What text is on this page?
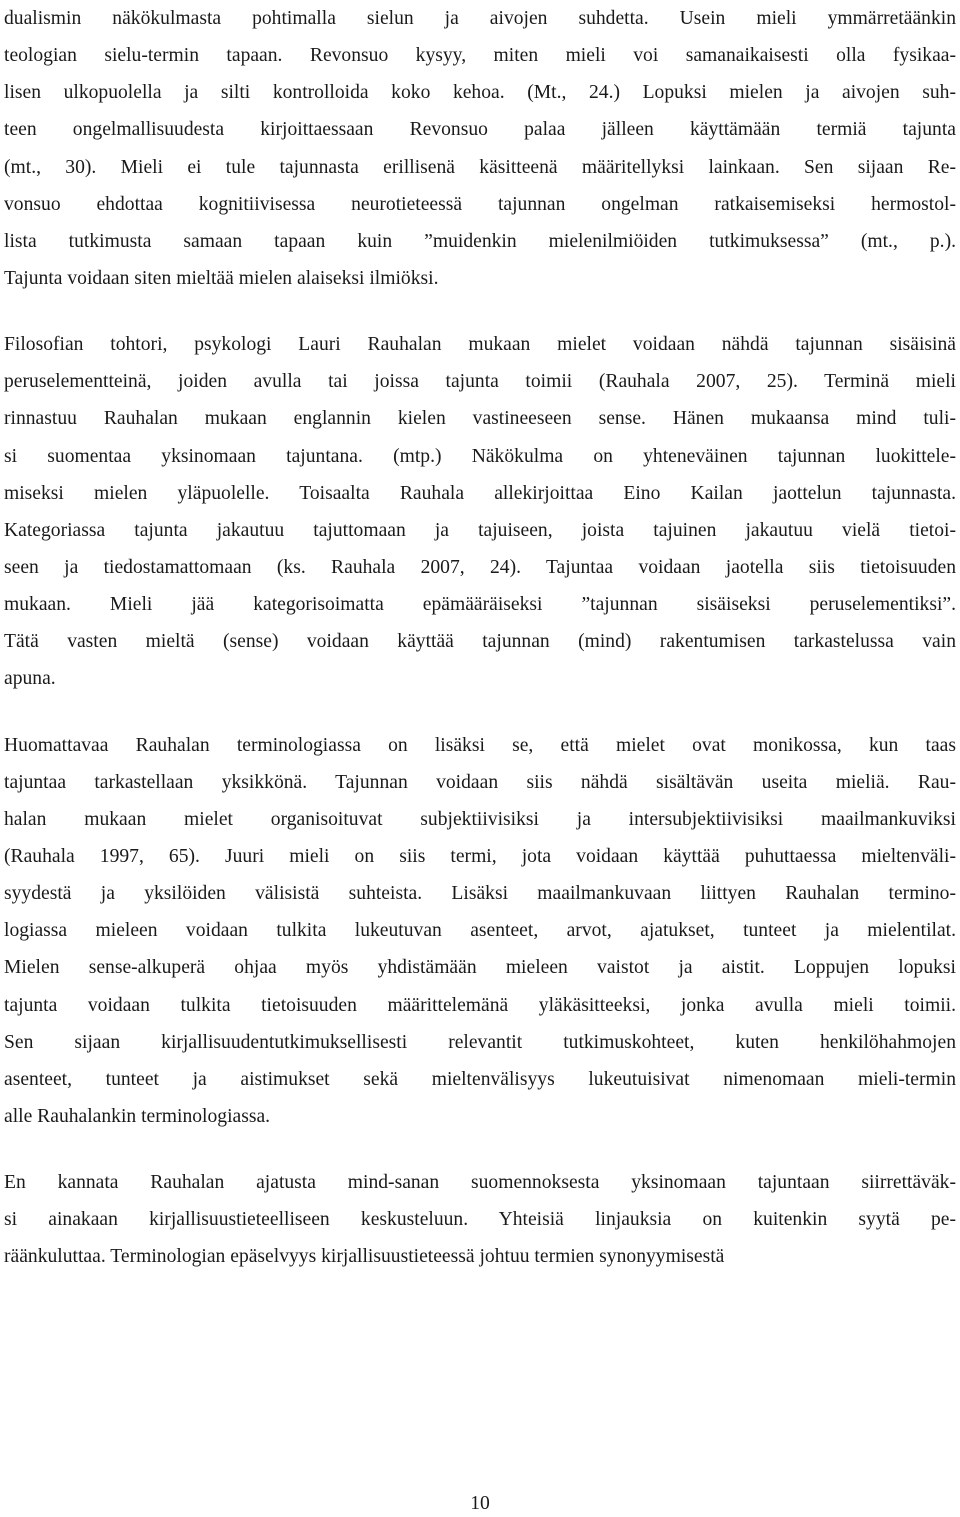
dualismin näkökulmasta pohtimalla sielun ja aivojen suhdetta. Usein mieli ymmärretäänkin
teologian sielu-termin tapaan. Revonsuo kysyy, miten mieli voi samanaikaisesti olla fysikaa-
lisen ulkopuolella ja silti kontrolloida koko kehoa. (Mt., 24.) Lopuksi mielen ja aivojen suh-
teen ongelmallisuudesta kirjoittaessaan Revonsuo palaa jälleen käyttämään termiä tajunta
(mt., 30). Mieli ei tule tajunnasta erillisenä käsitteenä määritellyksi lainkaan. Sen sijaan Re-
vonsuo ehdottaa kognitiivisessa neurotieteessä tajunnan ongelman ratkaisemiseksi hermostol-
lista tutkimusta samaan tapaan kuin ”muidenkin mielenilmiöiden tutkimuksessa” (mt., p.).
Tajunta voidaan siten mieltää mielen alaiseksi ilmiöksi.
Filosofian tohtori, psykologi Lauri Rauhalan mukaan mielet voidaan nähdä tajunnan sisäisinä
peruselementteinä, joiden avulla tai joissa tajunta toimii (Rauhala 2007, 25). Terminä mieli
rinnastuu Rauhalan mukaan englannin kielen vastineeseen sense. Hänen mukaansa mind tuli-
si suomentaa yksinomaan tajuntana. (mtp.) Näkökulma on yhteneväinen tajunnan luokittele-
miseksi mielen yläpuolelle. Toisaalta Rauhala allekirjoittaa Eino Kailan jaottelun tajunnasta.
Kategoriassa tajunta jakautuu tajuttomaan ja tajuiseen, joista tajuinen jakautuu vielä tietoi-
seen ja tiedostamattomaan (ks. Rauhala 2007, 24). Tajuntaa voidaan jaotella siis tietoisuuden
mukaan. Mieli jää kategorisoimatta epämääräiseksi ”tajunnan sisäiseksi peruselementiksi”.
Tätä vasten mieltä (sense) voidaan käyttää tajunnan (mind) rakentumisen tarkastelussa vain
apuna.
Huomattavaa Rauhalan terminologiassa on lisäksi se, että mielet ovat monikossa, kun taas
tajuntaa tarkastellaan yksikkönä. Tajunnan voidaan siis nähdä sisältävän useita mieliä. Rau-
halan mukaan mielet organisoituvat subjektiivisiksi ja intersubjektiivisiksi maailmankuviksi
(Rauhala 1997, 65). Juuri mieli on siis termi, jota voidaan käyttää puhuttaessa mieltenväli-
syydestä ja yksilöiden välisistä suhteista. Lisäksi maailmankuvaan liittyen Rauhalan termino-
logiassa mieleen voidaan tulkita lukeutuvan asenteet, arvot, ajatukset, tunteet ja mielentilat.
Mielen sense-alkuperä ohjaa myös yhdistämään mieleen vaistot ja aistit. Loppujen lopuksi
tajunta voidaan tulkita tietoisuuden määrittelemänä yläkäsitteeksi, jonka avulla mieli toimii.
Sen sijaan kirjallisuudentutkimuksellisesti relevantit tutkimuskohteet, kuten henkilöhahmojen
asenteet, tunteet ja aistimukset sekä mieltenvälisyys lukeutuisivat nimenomaan mieli-termin
alle Rauhalankin terminologiassa.
En kannata Rauhalan ajatusta mind-sanan suomennoksesta yksinomaan tajuntaan siirrettäväk-
si ainakaan kirjallisuustieteelliseen keskusteluun. Yhteisiä linjauksia on kuitenkin syytä pe-
räänkuluttaa. Terminologian epäselvyys kirjallisuustieteessä johtuu termien synonyymisestä
10
